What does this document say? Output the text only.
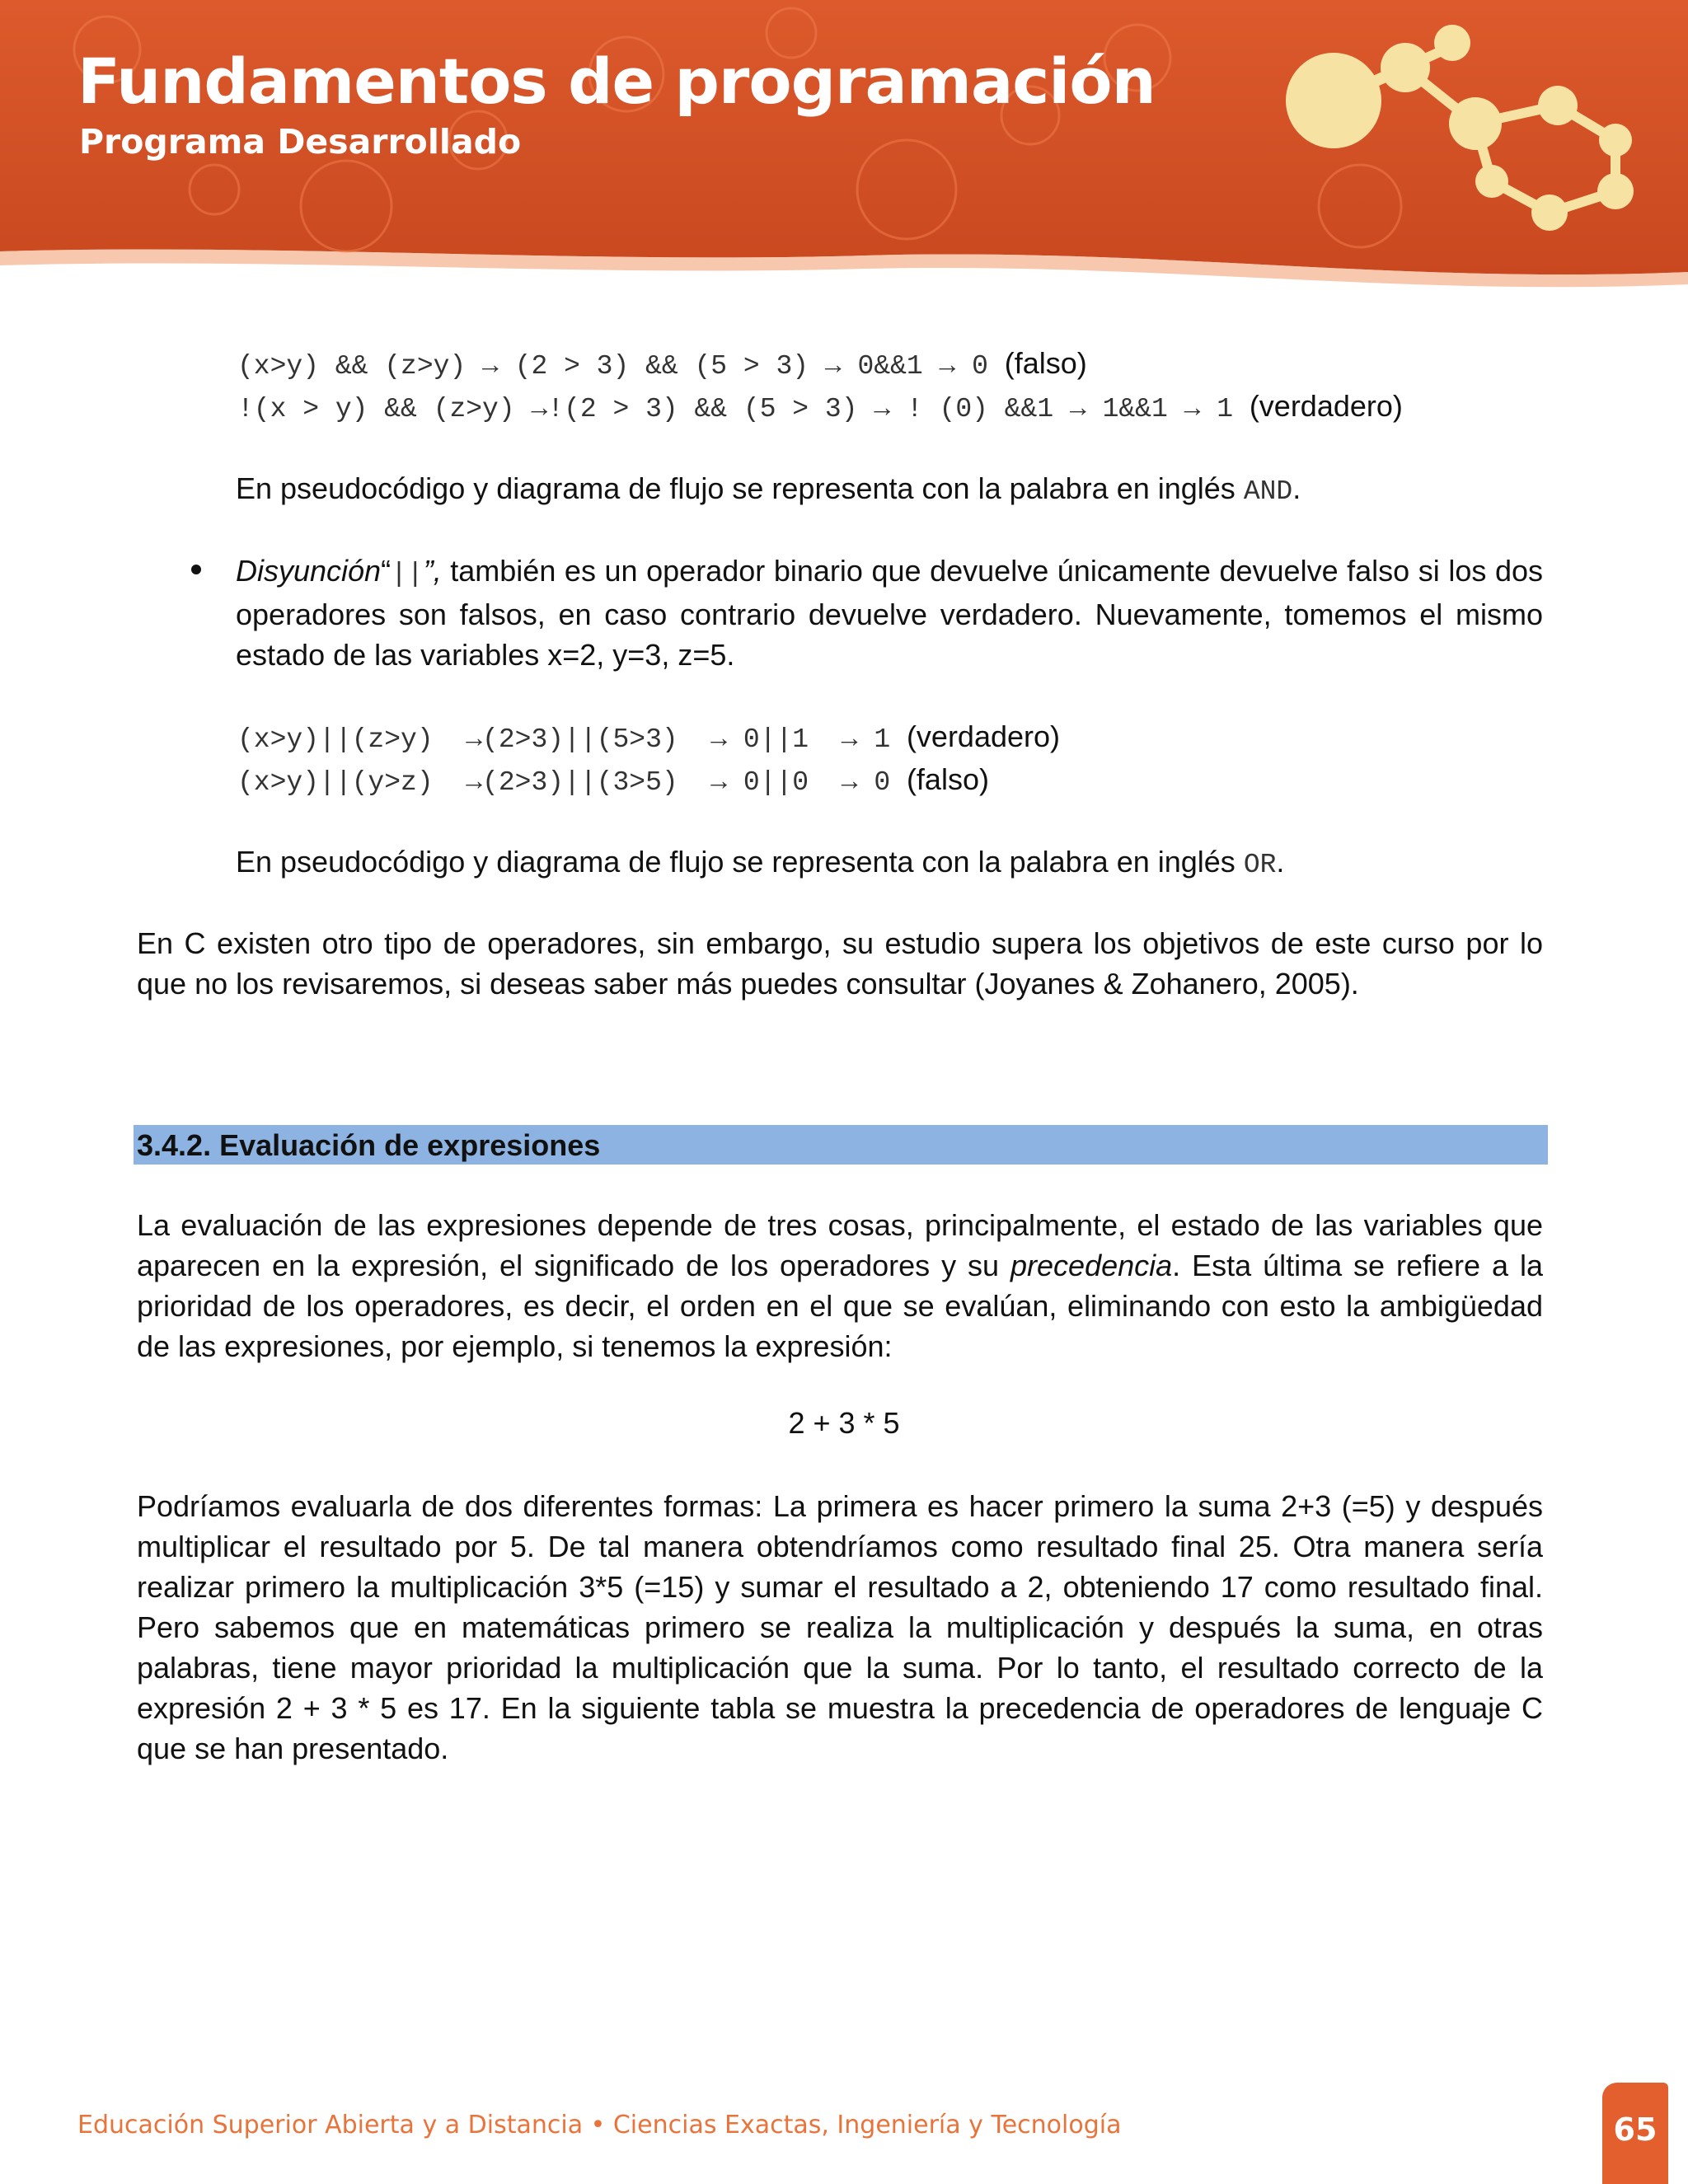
Fundamentos de programación
Programa Desarrollado
(x>y) && (z>y) → (2 > 3) && (5 > 3) → 0&&1 → 0 (falso)
!(x > y) && (z>y) →!(2 > 3) && (5 > 3) → ! (0) &&1 → 1&&1 → 1 (verdadero)

En pseudocódigo y diagrama de flujo se representa con la palabra en inglés AND.

Disyunción“||”, también es un operador binario que devuelve únicamente devuelve falso si los dos operadores son falsos, en caso contrario devuelve verdadero. Nuevamente, tomemos el mismo estado de las variables x=2, y=3, z=5.

(x>y)||(z>y)  →(2>3)||(5>3)  → 0||1  → 1 (verdadero)
(x>y)||(y>z)  →(2>3)||(3>5)  → 0||0  → 0 (falso)

En pseudocódigo y diagrama de flujo se representa con la palabra en inglés OR.

En C existen otro tipo de operadores, sin embargo, su estudio supera los objetivos de este curso por lo que no los revisaremos, si deseas saber más puedes consultar (Joyanes & Zohanero, 2005).

3.4.2. Evaluación de expresiones

La evaluación de las expresiones depende de tres cosas, principalmente, el estado de las variables que aparecen en la expresión, el significado de los operadores y su precedencia. Esta última se refiere a la prioridad de los operadores, es decir, el orden en el que se evalúan, eliminando con esto la ambigüedad de las expresiones, por ejemplo, si tenemos la expresión:

2 + 3 * 5

Podríamos evaluarla de dos diferentes formas: La primera es hacer primero la suma 2+3 (=5) y después multiplicar el resultado por 5. De tal manera obtendríamos como resultado final 25. Otra manera sería realizar primero la multiplicación 3*5 (=15) y sumar el resultado a 2, obteniendo 17 como resultado final. Pero sabemos que en matemáticas primero se realiza la multiplicación y después la suma, en otras palabras, tiene mayor prioridad la multiplicación que la suma. Por lo tanto, el resultado correcto de la expresión 2 + 3 * 5 es 17. En la siguiente tabla se muestra la precedencia de operadores de lenguaje C que se han presentado.

Educación Superior Abierta y a Distancia • Ciencias Exactas, Ingeniería y Tecnología	65
